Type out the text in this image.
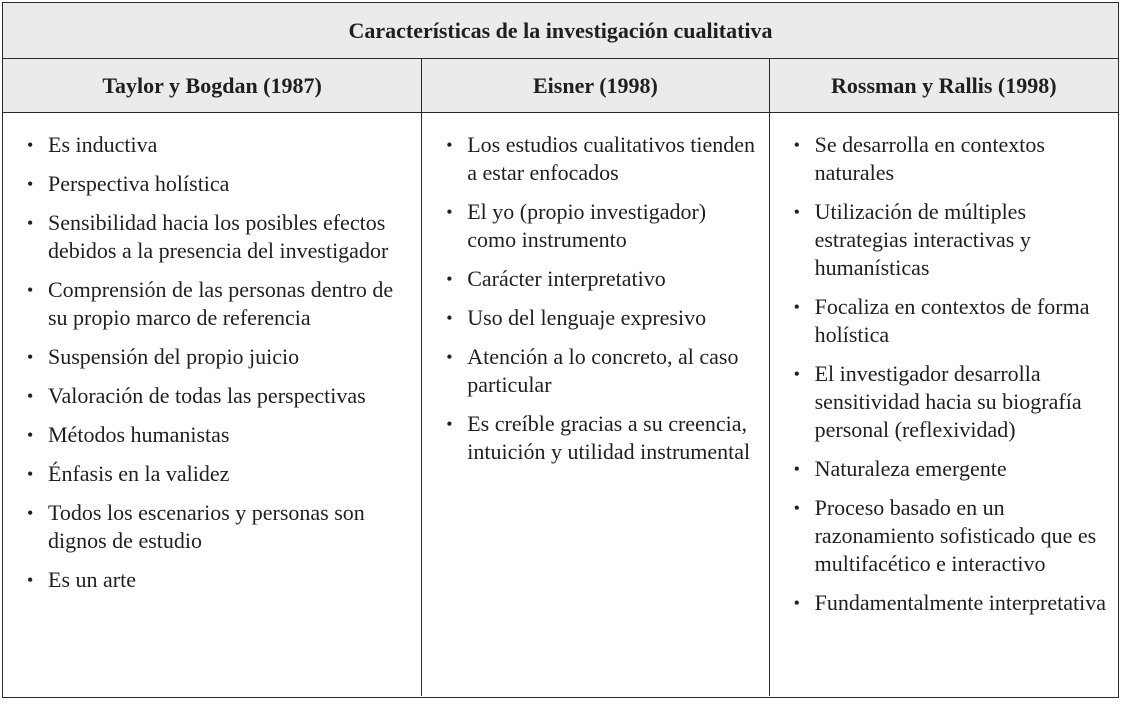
Características de la investigación cualitativa
Taylor y Bogdan (1987)	Eisner (1998)	Rossman y Rallis (1998)
• Es inductiva
• Perspectiva holística
• Sensibilidad hacia los posibles efectos debidos a la presencia del investigador
• Comprensión de las personas dentro de su propio marco de referencia
• Suspensión del propio juicio
• Valoración de todas las perspectivas
• Métodos humanistas
• Énfasis en la validez
• Todos los escenarios y personas son dignos de estudio
• Es un arte
• Los estudios cualitativos tienden a estar enfocados
• El yo (propio investigador) como instrumento
• Carácter interpretativo
• Uso del lenguaje expresivo
• Atención a lo concreto, al caso particular
• Es creíble gracias a su creencia, intuición y utilidad instrumental
• Se desarrolla en contextos naturales
• Utilización de múltiples estrategias interactivas y humanísticas
• Focaliza en contextos de forma holística
• El investigador desarrolla sensitividad hacia su biografía personal (reflexividad)
• Naturaleza emergente
• Proceso basado en un razonamiento sofisticado que es multifacético e interactivo
• Fundamentalmente interpretativa
